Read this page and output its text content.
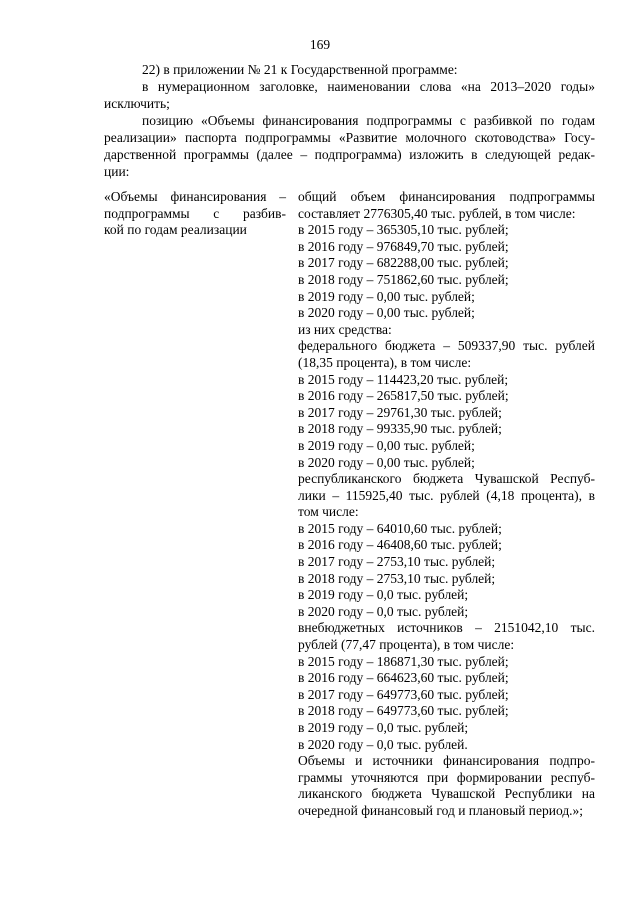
169

22) в приложении № 21 к Государственной программе:

в нумерационном заголовке, наименовании слова «на 2013–2020 годы»

исключить;

позицию «Объемы финансирования подпрограммы с разбивкой по годам

реализации» паспорта подпрограммы «Развитие молочного скотоводства» Госу-

дарственной программы (далее – подпрограмма) изложить в следующей редак-

ции:

«Объемы финансирования –
подпрограммы с разбив-
кой по годам реализации
общий объем финансирования подпрограммы
составляет 2776305,40 тыс. рублей, в том числе:
в 2015 году – 365305,10 тыс. рублей;
в 2016 году – 976849,70 тыс. рублей;
в 2017 году – 682288,00 тыс. рублей;
в 2018 году – 751862,60 тыс. рублей;
в 2019 году – 0,00 тыс. рублей;
в 2020 году – 0,00 тыс. рублей;
из них средства:
федерального бюджета – 509337,90 тыс. рублей
(18,35 процента), в том числе:
в 2015 году – 114423,20 тыс. рублей;
в 2016 году – 265817,50 тыс. рублей;
в 2017 году – 29761,30 тыс. рублей;
в 2018 году – 99335,90 тыс. рублей;
в 2019 году – 0,00 тыс. рублей;
в 2020 году – 0,00 тыс. рублей;
республиканского бюджета Чувашской Респуб-
лики – 115925,40 тыс. рублей (4,18 процента), в
том числе:
в 2015 году – 64010,60 тыс. рублей;
в 2016 году – 46408,60 тыс. рублей;
в 2017 году – 2753,10 тыс. рублей;
в 2018 году – 2753,10 тыс. рублей;
в 2019 году – 0,0 тыс. рублей;
в 2020 году – 0,0 тыс. рублей;
внебюджетных источников – 2151042,10 тыс.
рублей (77,47 процента), в том числе:
в 2015 году – 186871,30 тыс. рублей;
в 2016 году – 664623,60 тыс. рублей;
в 2017 году – 649773,60 тыс. рублей;
в 2018 году – 649773,60 тыс. рублей;
в 2019 году – 0,0 тыс. рублей;
в 2020 году – 0,0 тыс. рублей.
Объемы и источники финансирования подпро-
граммы уточняются при формировании респуб-
ликанского бюджета Чувашской Республики на
очередной финансовый год и плановый период.»;
